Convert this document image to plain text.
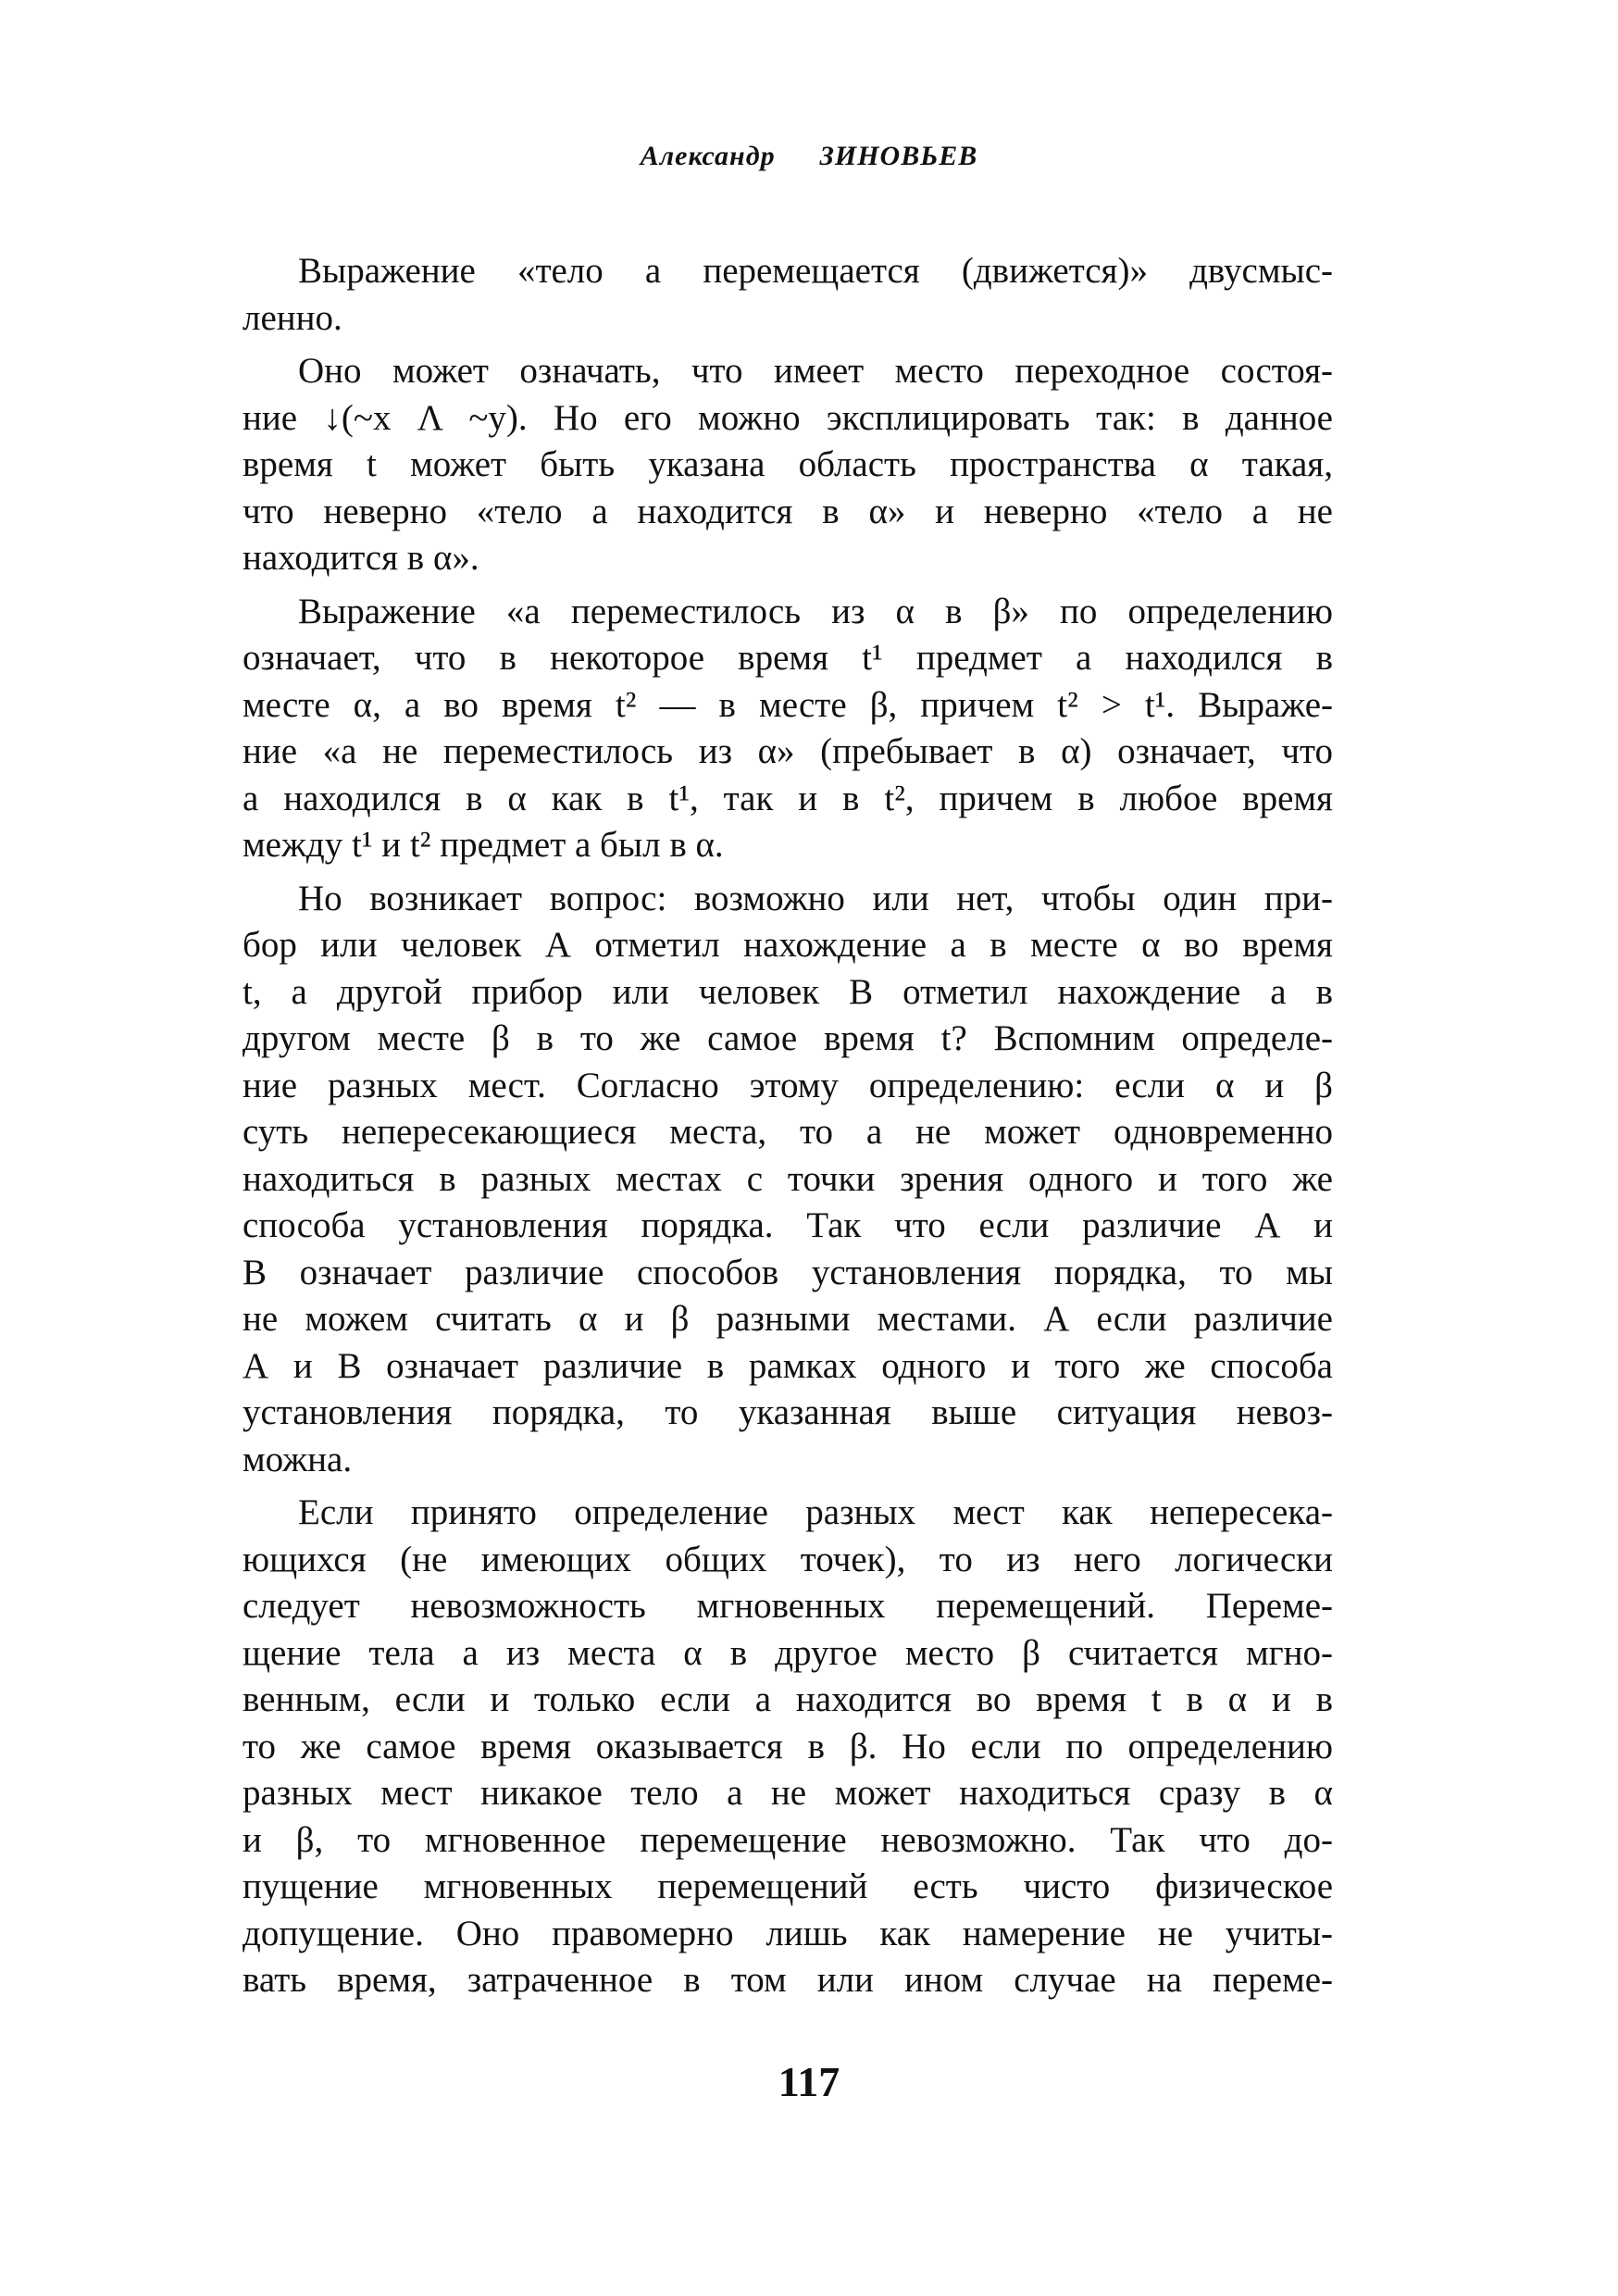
Александр ЗИНОВЬЕВ
Выражение «тело а перемещается (движется)» двусмыс-
ленно.
Оно может означать, что имеет место переходное состоя-
ние ↓(~x Λ ~y). Но его можно эксплицировать так: в данное
время t может быть указана область пространства α такая,
что неверно «тело а находится в α» и неверно «тело а не
находится в α».
Выражение «а переместилось из α в β» по определению
означает, что в некоторое время t¹ предмет а находился в
месте α, а во время t² — в месте β, причем t² > t¹. Выраже-
ние «а не переместилось из α» (пребывает в α) означает, что
а находился в α как в t¹, так и в t², причем в любое время
между t¹ и t² предмет а был в α.
Но возникает вопрос: возможно или нет, чтобы один при-
бор или человек А отметил нахождение а в месте α во время
t, а другой прибор или человек В отметил нахождение а в
другом месте β в то же самое время t? Вспомним определе-
ние разных мест. Согласно этому определению: если α и β
суть непересекающиеся места, то а не может одновременно
находиться в разных местах с точки зрения одного и того же
способа установления порядка. Так что если различие А и
В означает различие способов установления порядка, то мы
не можем считать α и β разными местами. А если различие
А и В означает различие в рамках одного и того же способа
установления порядка, то указанная выше ситуация невоз-
можна.
Если принято определение разных мест как непересека-
ющихся (не имеющих общих точек), то из него логически
следует невозможность мгновенных перемещений. Переме-
щение тела а из места α в другое место β считается мгно-
венным, если и только если а находится во время t в α и в
то же самое время оказывается в β. Но если по определению
разных мест никакое тело а не может находиться сразу в α
и β, то мгновенное перемещение невозможно. Так что до-
пущение мгновенных перемещений есть чисто физическое
допущение. Оно правомерно лишь как намерение не учиты-
вать время, затраченное в том или ином случае на переме-
117
